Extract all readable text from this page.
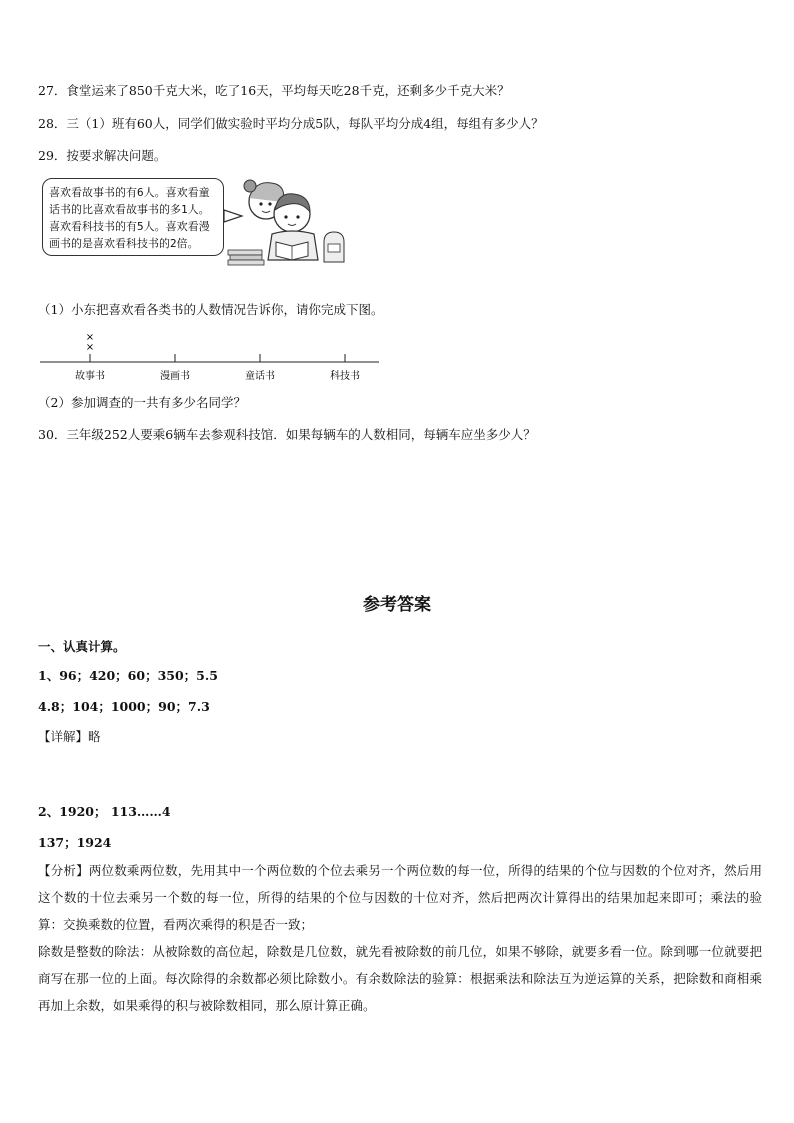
27．食堂运来了850千克大米，吃了16天，平均每天吃28千克，还剩多少千克大米？
28．三（1）班有60人，同学们做实验时平均分成5队，每队平均分成4组，每组有多少人？
29．按要求解决问题。
喜欢看故事书的有6人。喜欢看童
话书的比喜欢看故事书的多1人。
喜欢看科技书的有5人。喜欢看漫
画书的是喜欢看科技书的2倍。
（1）小东把喜欢看各类书的人数情况告诉你，请你完成下图。
故事书
×
×
漫画书	童话书	科技书
（2）参加调查的一共有多少名同学？
30．三年级252人要乘6辆车去参观科技馆．如果每辆车的人数相同，每辆车应坐多少人？
参考答案
一、认真计算。
1、96；420；60；350；5.5
4.8；104；1000；90；7.3
【详解】略
2、1920； 113……4
137；1924

【分析】两位数乘两位数，先用其中一个两位数的个位去乘另一个两位数的每一位，所得的结果的个位与因数的个位对齐，然后用这个数的十位去乘另一个数的每一位，所得的结果的个位与因数的十位对齐，然后把两次计算得出的结果加起来即可；乘法的验算：交换乘数的位置，看两次乘得的积是否一致；

除数是整数的除法：从被除数的高位起，除数是几位数，就先看被除数的前几位，如果不够除，就要多看一位。除到哪一位就要把商写在那一位的上面。每次除得的余数都必须比除数小。有余数除法的验算：根据乘法和除法互为逆运算的关系，把除数和商相乘再加上余数，如果乘得的积与被除数相同，那么原计算正确。
